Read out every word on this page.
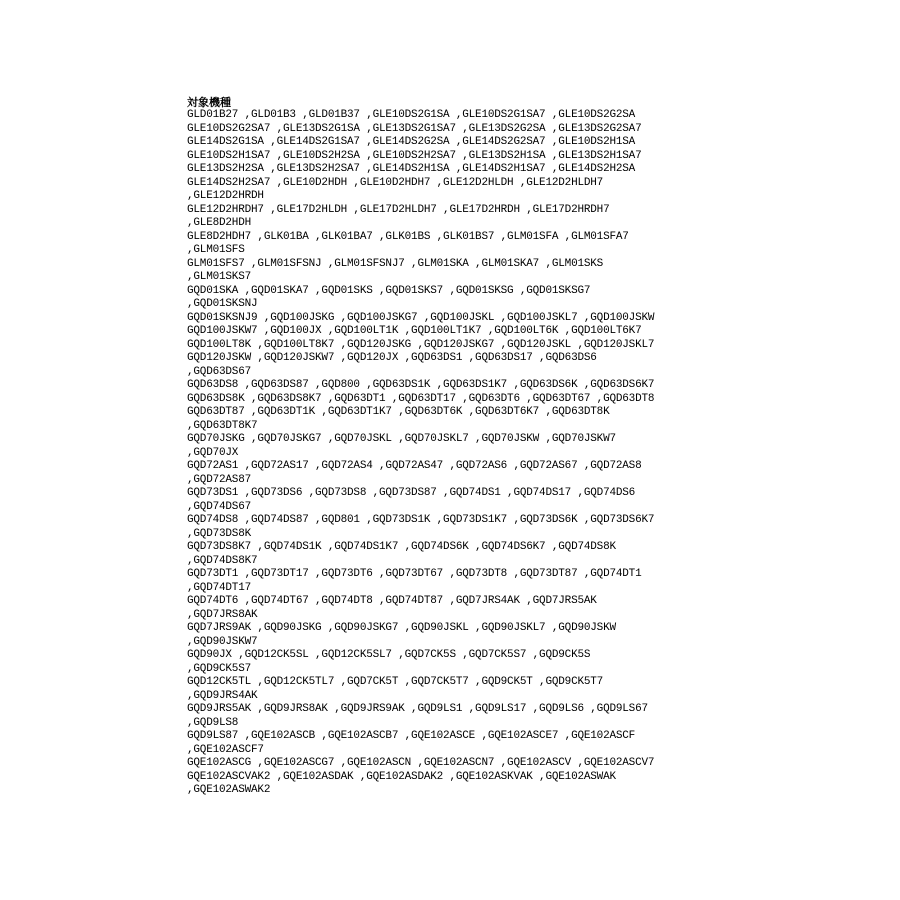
対象機種
GLD01B27 ,GLD01B3 ,GLD01B37 ,GLE10DS2G1SA ,GLE10DS2G1SA7 ,GLE10DS2G2SA
GLE10DS2G2SA7 ,GLE13DS2G1SA ,GLE13DS2G1SA7 ,GLE13DS2G2SA ,GLE13DS2G2SA7
GLE14DS2G1SA ,GLE14DS2G1SA7 ,GLE14DS2G2SA ,GLE14DS2G2SA7 ,GLE10DS2H1SA
GLE10DS2H1SA7 ,GLE10DS2H2SA ,GLE10DS2H2SA7 ,GLE13DS2H1SA ,GLE13DS2H1SA7
GLE13DS2H2SA ,GLE13DS2H2SA7 ,GLE14DS2H1SA ,GLE14DS2H1SA7 ,GLE14DS2H2SA
GLE14DS2H2SA7 ,GLE10D2HDH ,GLE10D2HDH7 ,GLE12D2HLDH ,GLE12D2HLDH7
,GLE12D2HRDH
GLE12D2HRDH7 ,GLE17D2HLDH ,GLE17D2HLDH7 ,GLE17D2HRDH ,GLE17D2HRDH7
,GLE8D2HDH
GLE8D2HDH7 ,GLK01BA ,GLK01BA7 ,GLK01BS ,GLK01BS7 ,GLM01SFA ,GLM01SFA7
,GLM01SFS
GLM01SFS7 ,GLM01SFSNJ ,GLM01SFSNJ7 ,GLM01SKA ,GLM01SKA7 ,GLM01SKS
,GLM01SKS7
GQD01SKA ,GQD01SKA7 ,GQD01SKS ,GQD01SKS7 ,GQD01SKSG ,GQD01SKSG7
,GQD01SKSNJ
GQD01SKSNJ9 ,GQD100JSKG ,GQD100JSKG7 ,GQD100JSKL ,GQD100JSKL7 ,GQD100JSKW
GQD100JSKW7 ,GQD100JX ,GQD100LT1K ,GQD100LT1K7 ,GQD100LT6K ,GQD100LT6K7
GQD100LT8K ,GQD100LT8K7 ,GQD120JSKG ,GQD120JSKG7 ,GQD120JSKL ,GQD120JSKL7
GQD120JSKW ,GQD120JSKW7 ,GQD120JX ,GQD63DS1 ,GQD63DS17 ,GQD63DS6
,GQD63DS67
GQD63DS8 ,GQD63DS87 ,GQD800 ,GQD63DS1K ,GQD63DS1K7 ,GQD63DS6K ,GQD63DS6K7
GQD63DS8K ,GQD63DS8K7 ,GQD63DT1 ,GQD63DT17 ,GQD63DT6 ,GQD63DT67 ,GQD63DT8
GQD63DT87 ,GQD63DT1K ,GQD63DT1K7 ,GQD63DT6K ,GQD63DT6K7 ,GQD63DT8K
,GQD63DT8K7
GQD70JSKG ,GQD70JSKG7 ,GQD70JSKL ,GQD70JSKL7 ,GQD70JSKW ,GQD70JSKW7
,GQD70JX
GQD72AS1 ,GQD72AS17 ,GQD72AS4 ,GQD72AS47 ,GQD72AS6 ,GQD72AS67 ,GQD72AS8
,GQD72AS87
GQD73DS1 ,GQD73DS6 ,GQD73DS8 ,GQD73DS87 ,GQD74DS1 ,GQD74DS17 ,GQD74DS6
,GQD74DS67
GQD74DS8 ,GQD74DS87 ,GQD801 ,GQD73DS1K ,GQD73DS1K7 ,GQD73DS6K ,GQD73DS6K7
,GQD73DS8K
GQD73DS8K7 ,GQD74DS1K ,GQD74DS1K7 ,GQD74DS6K ,GQD74DS6K7 ,GQD74DS8K
,GQD74DS8K7
GQD73DT1 ,GQD73DT17 ,GQD73DT6 ,GQD73DT67 ,GQD73DT8 ,GQD73DT87 ,GQD74DT1
,GQD74DT17
GQD74DT6 ,GQD74DT67 ,GQD74DT8 ,GQD74DT87 ,GQD7JRS4AK ,GQD7JRS5AK
,GQD7JRS8AK
GQD7JRS9AK ,GQD90JSKG ,GQD90JSKG7 ,GQD90JSKL ,GQD90JSKL7 ,GQD90JSKW
,GQD90JSKW7
GQD90JX ,GQD12CK5SL ,GQD12CK5SL7 ,GQD7CK5S ,GQD7CK5S7 ,GQD9CK5S
,GQD9CK5S7
GQD12CK5TL ,GQD12CK5TL7 ,GQD7CK5T ,GQD7CK5T7 ,GQD9CK5T ,GQD9CK5T7
,GQD9JRS4AK
GQD9JRS5AK ,GQD9JRS8AK ,GQD9JRS9AK ,GQD9LS1 ,GQD9LS17 ,GQD9LS6 ,GQD9LS67
,GQD9LS8
GQD9LS87 ,GQE102ASCB ,GQE102ASCB7 ,GQE102ASCE ,GQE102ASCE7 ,GQE102ASCF
,GQE102ASCF7
GQE102ASCG ,GQE102ASCG7 ,GQE102ASCN ,GQE102ASCN7 ,GQE102ASCV ,GQE102ASCV7
GQE102ASCVAK2 ,GQE102ASDAK ,GQE102ASDAK2 ,GQE102ASKVAK ,GQE102ASWAK
,GQE102ASWAK2
